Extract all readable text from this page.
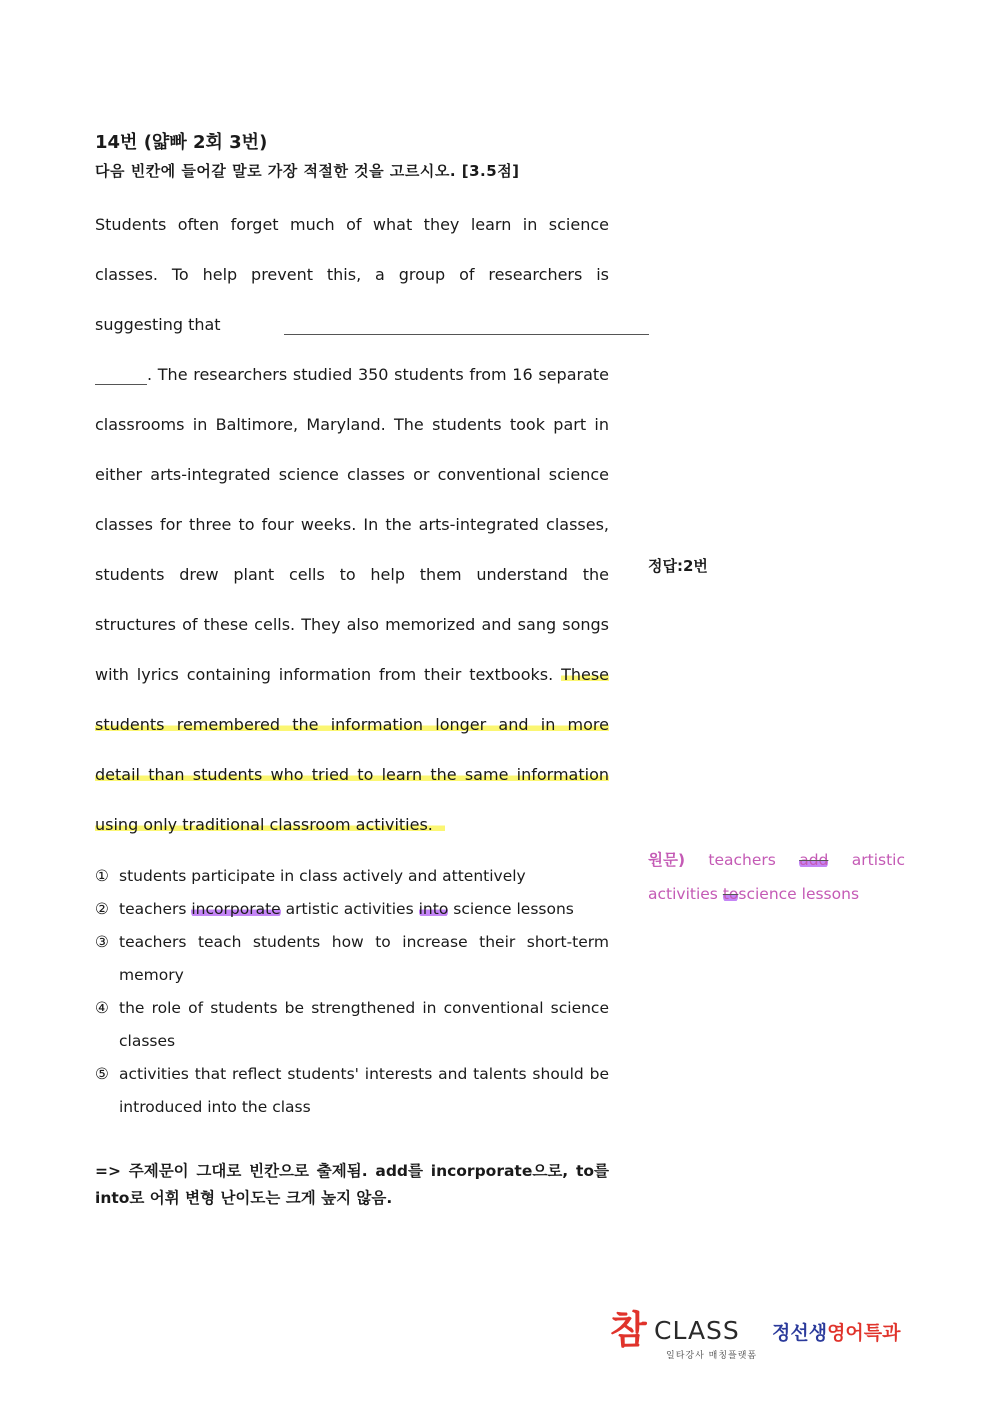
14번 (얇빠 2회 3번)
다음 빈칸에 들어갈 말로 가장 적절한 것을 고르시오. [3.5점]
Students often forget much of what they learn in science
classes. To help prevent this, a group of researchers is
suggesting that
. The researchers studied 350 students from 16 separate
classrooms in Baltimore, Maryland. The students took part in
either arts-integrated science classes or conventional science
classes for three to four weeks. In the arts-integrated classes,
students drew plant cells to help them understand the
structures of these cells. They also memorized and sang songs
with lyrics containing information from their textbooks. These
students remembered the information longer and in more
detail than students who tried to learn the same information
using only traditional classroom activities.
① students participate in class actively and attentively
② teachers incorporate artistic activities into science lessons
③ teachers teach students how to increase their short-term memory
④ the role of students be strengthened in conventional science classes
⑤ activities that reflect students' interests and talents should be introduced into the class
=> 주제문이 그대로 빈칸으로 출제됨. add를 incorporate으로, to를 into로 어휘 변형 난이도는 크게 높지 않음.
정답:2번
원문) teachers add artistic
activities toscience lessons
참 CLASS
일타강사 매칭플랫폼
정선생영어특과
